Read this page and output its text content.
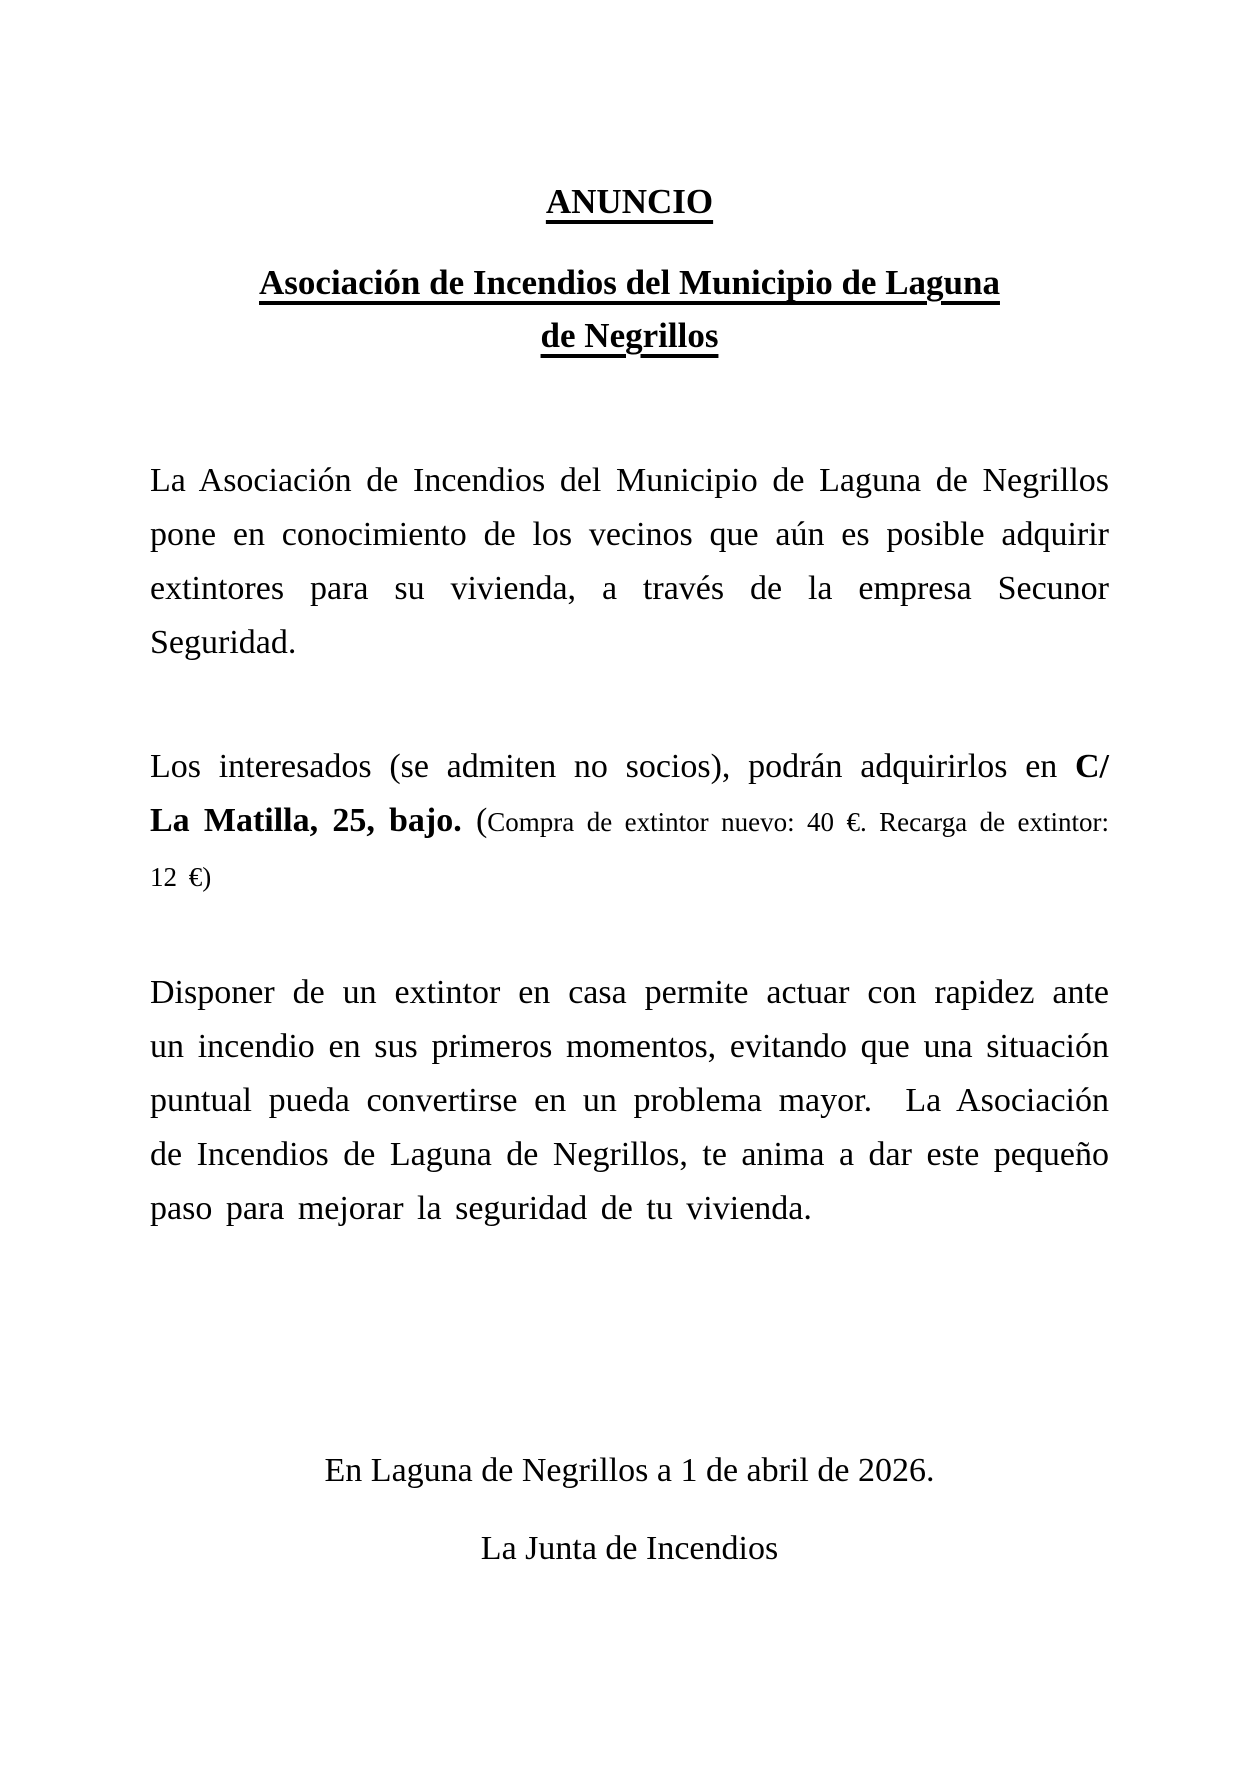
ANUNCIO
Asociación de Incendios del Municipio de Laguna
de Negrillos

La Asociación de Incendios del Municipio de Laguna de Negrillos pone en conocimiento de los vecinos que aún es posible adquirir extintores para su vivienda, a través de la empresa Secunor Seguridad.

Los interesados (se admiten no socios), podrán adquirirlos en C/ La Matilla, 25, bajo. (Compra de extintor nuevo: 40 €. Recarga de extintor: 12 €)

Disponer de un extintor en casa permite actuar con rapidez ante un incendio en sus primeros momentos, evitando que una situación puntual pueda convertirse en un problema mayor.  La Asociación de Incendios de Laguna de Negrillos, te anima a dar este pequeño paso para mejorar la seguridad de tu vivienda.

En Laguna de Negrillos a 1 de abril de 2026.

La Junta de Incendios
